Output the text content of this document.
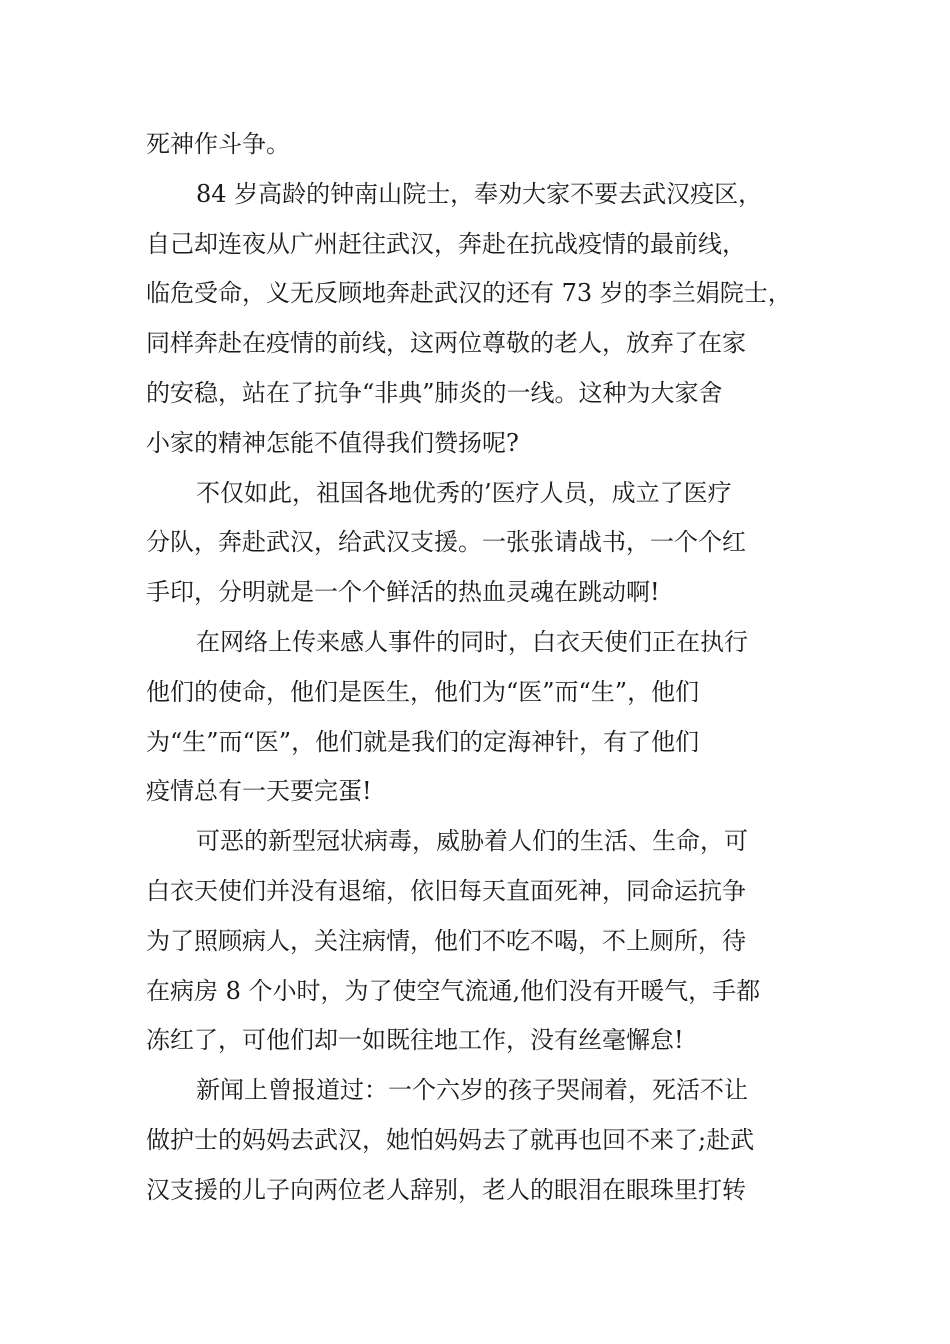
死神作斗争。
84 岁高龄的钟南山院士，奉劝大家不要去武汉疫区，
自己却连夜从广州赶往武汉，奔赴在抗战疫情的最前线，
临危受命，义无反顾地奔赴武汉的还有 73 岁的李兰娟院士，
同样奔赴在疫情的前线，这两位尊敬的老人，放弃了在家
的安稳，站在了抗争“非典”肺炎的一线。这种为大家舍
小家的精神怎能不值得我们赞扬呢?
不仅如此，祖国各地优秀的’医疗人员，成立了医疗
分队，奔赴武汉，给武汉支援。一张张请战书，一个个红
手印，分明就是一个个鲜活的热血灵魂在跳动啊!
在网络上传来感人事件的同时，白衣天使们正在执行
他们的使命，他们是医生，他们为“医”而“生”，他们
为“生”而“医”，他们就是我们的定海神针，有了他们
疫情总有一天要完蛋!
可恶的新型冠状病毒，威胁着人们的生活、生命，可
白衣天使们并没有退缩，依旧每天直面死神，同命运抗争
为了照顾病人，关注病情，他们不吃不喝，不上厕所，待
在病房 8 个小时，为了使空气流通,他们没有开暖气，手都
冻红了，可他们却一如既往地工作，没有丝毫懈怠!
新闻上曾报道过：一个六岁的孩子哭闹着，死活不让
做护士的妈妈去武汉，她怕妈妈去了就再也回不来了;赴武
汉支援的儿子向两位老人辞别，老人的眼泪在眼珠里打转
